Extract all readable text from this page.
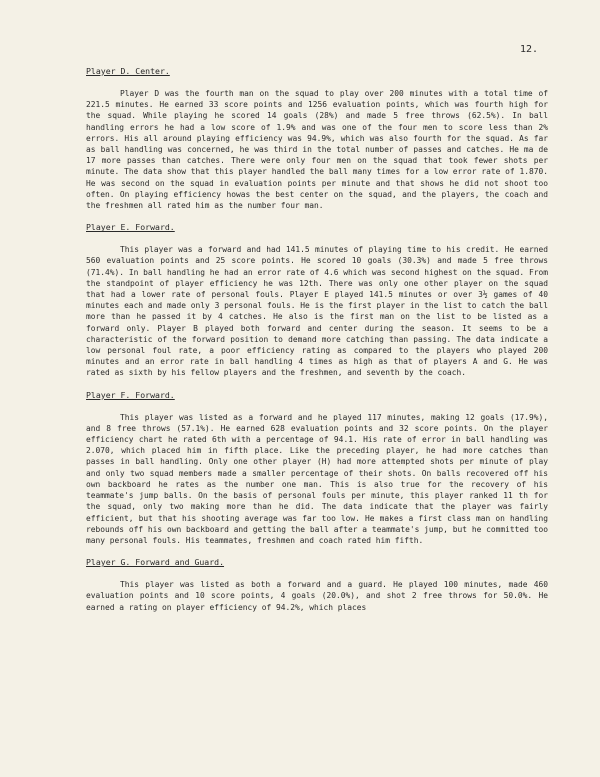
12.

Player D. Center.

Player D was the fourth man on the squad to play over 200 minutes with a total time of 221.5 minutes. He earned 33 score points and 1256 evaluation points, which was fourth high for the squad. While playing he scored 14 goals (28%) and made 5 free throws (62.5%). In ball handling errors he had a low score of 1.9% and was one of the four men to score less than 2% errors. His all around playing efficiency was 94.9%, which was also fourth for the squad. As far as ball handling was concerned, he was third in the total number of passes and catches. He ma de 17 more passes than catches. There were only four men on the squad that took fewer shots per minute. The data show that this player handled the ball many times for a low error rate of 1.870. He was second on the squad in evaluation points per minute and that shows he did not shoot too often. On playing efficiency howas the best center on the squad, and the players, the coach and the freshmen all rated him as the number four man.

Player E. Forward.

This player was a forward and had 141.5 minutes of playing time to his credit. He earned 560 evaluation points and 25 score points. He scored 10 goals (30.3%) and made 5 free throws (71.4%). In ball handling he had an error rate of 4.6 which was second highest on the squad. From the standpoint of player efficiency he was 12th. There was only one other player on the squad that had a lower rate of personal fouls. Player E played 141.5 minutes or over 3½ games of 40 minutes each and made only 3 personal fouls. He is the first player in the list to catch the ball more than he passed it by 4 catches. He also is the first man on the list to be listed as a forward only. Player B played both forward and center during the season. It seems to be a characteristic of the forward position to demand more catching than passing. The data indicate a low personal foul rate, a poor efficiency rating as compared to the players who played 200 minutes and an error rate in ball handling 4 times as high as that of players A and G. He was rated as sixth by his fellow players and the freshmen, and seventh by the coach.

Player F. Forward.

This player was listed as a forward and he played 117 minutes, making 12 goals (17.9%), and 8 free throws (57.1%). He earned 628 evaluation points and 32 score points. On the player efficiency chart he rated 6th with a percentage of 94.1. His rate of error in ball handling was 2.070, which placed him in fifth place. Like the preceding player, he had more catches than passes in ball handling. Only one other player (H) had more attempted shots per minute of play and only two squad members made a smaller percentage of their shots. On balls recovered off his own backboard he rates as the number one man. This is also true for the recovery of his teammate's jump balls. On the basis of personal fouls per minute, this player ranked 11 th for the squad, only two making more than he did. The data indicate that the player was fairly efficient, but that his shooting average was far too low. He makes a first class man on handling rebounds off his own backboard and getting the ball after a teammate's jump, but he committed too many personal fouls. His teammates, freshmen and coach rated him fifth.

Player G. Forward and Guard.

This player was listed as both a forward and a guard. He played 100 minutes, made 460 evaluation points and 10 score points, 4 goals (20.0%), and shot 2 free throws for 50.0%. He earned a rating on player efficiency of 94.2%, which places
